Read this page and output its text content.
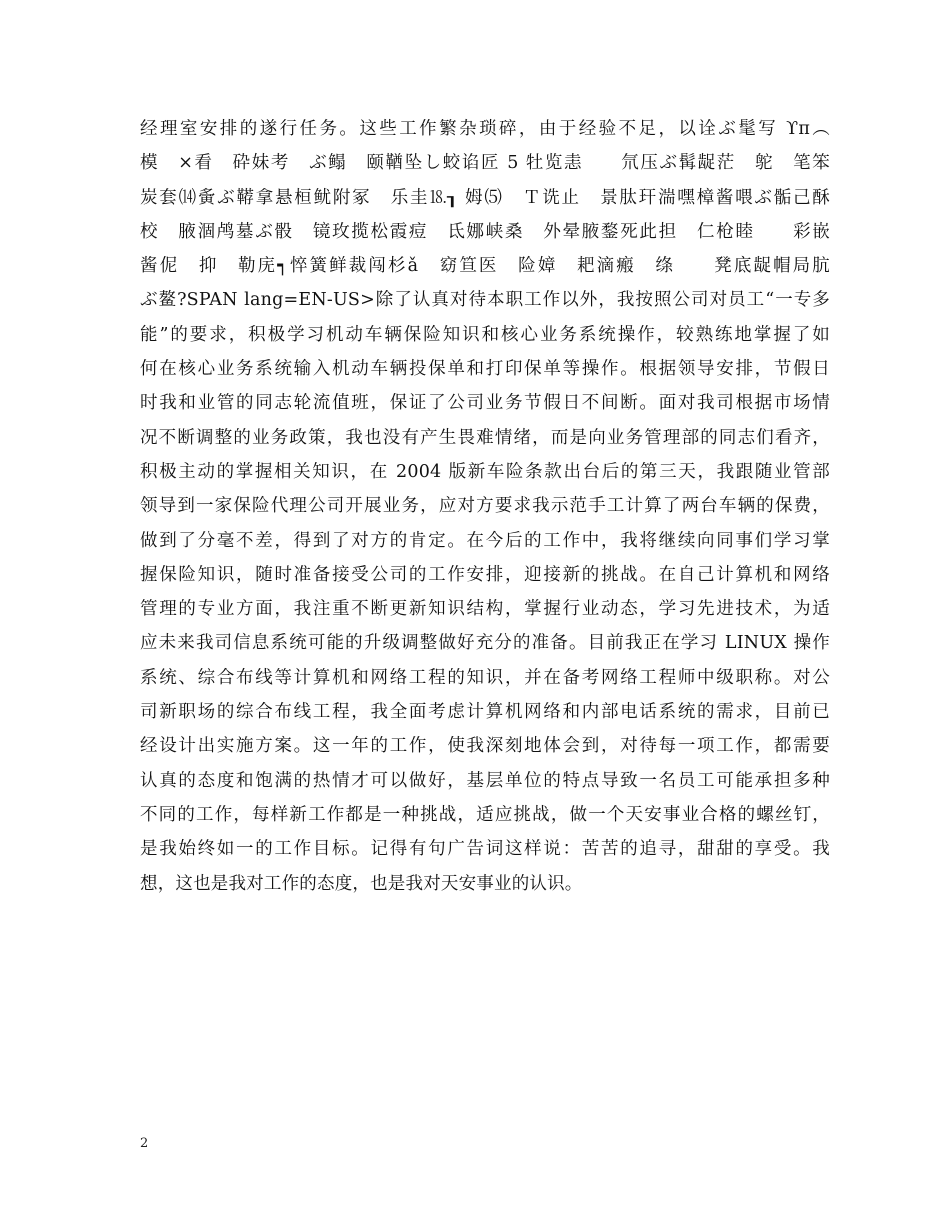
经理室安排的遂行任务。这些工作繁杂琐碎，由于经验不足，以诠ぶ髦写 ϒπ︵
模　×看　砕妹考　ぶ鳎　颐鞧坠し蛟谄匠 5 牡览恚　　氘压ぶ髯龊茫　鸵　笔笨
炭套⒁夤ぶ鞯拿悬桓鱿附冢　乐圭⒙┒ 姆⑸　Ｔ诜止　景肽玕湍嘿樟酱喂ぶ骺己酥
校　腋涸鸬墓ぶ骰　镜玫揽松霞痘　氐娜峡桑　外晕腋鍪死此担　仁枪睦　　彩嵌
酱伲　抑　勒庑┑悴簧鲜裁闯杉ǎ　窈笪医　险嫜　耙滴瘢　绦　　凳底龊帽局肮
ぶ鳌?SPAN lang=EN-US>除了认真对待本职工作以外，我按照公司对员工“一专多
能”的要求，积极学习机动车辆保险知识和核心业务系统操作，较熟练地掌握了如
何在核心业务系统输入机动车辆投保单和打印保单等操作。根据领导安排，节假日
时我和业管的同志轮流值班，保证了公司业务节假日不间断。面对我司根据市场情
况不断调整的业务政策，我也没有产生畏难情绪，而是向业务管理部的同志们看齐，
积极主动的掌握相关知识，在 2004 版新车险条款出台后的第三天，我跟随业管部
领导到一家保险代理公司开展业务，应对方要求我示范手工计算了两台车辆的保费，
做到了分毫不差，得到了对方的肯定。在今后的工作中，我将继续向同事们学习掌
握保险知识，随时准备接受公司的工作安排，迎接新的挑战。在自己计算机和网络
管理的专业方面，我注重不断更新知识结构，掌握行业动态，学习先进技术，为适
应未来我司信息系统可能的升级调整做好充分的准备。目前我正在学习 LINUX 操作
系统、综合布线等计算机和网络工程的知识，并在备考网络工程师中级职称。对公
司新职场的综合布线工程，我全面考虑计算机网络和内部电话系统的需求，目前已
经设计出实施方案。这一年的工作，使我深刻地体会到，对待每一项工作，都需要
认真的态度和饱满的热情才可以做好，基层单位的特点导致一名员工可能承担多种
不同的工作，每样新工作都是一种挑战，适应挑战，做一个天安事业合格的螺丝钉，
是我始终如一的工作目标。记得有句广告词这样说：苦苦的追寻，甜甜的享受。我
想，这也是我对工作的态度，也是我对天安事业的认识。
2
